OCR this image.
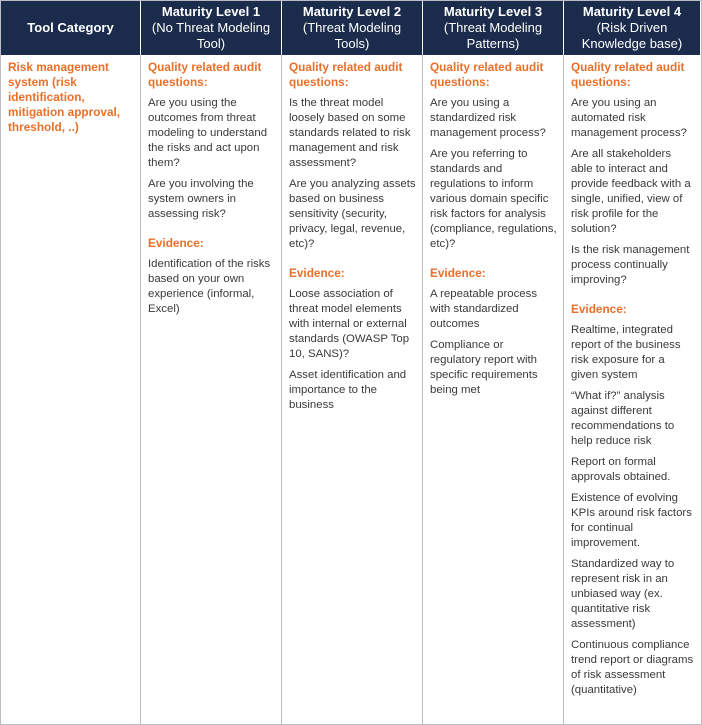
Tool Category
Maturity Level 1
(No Threat Modeling Tool)
Maturity Level 2
(Threat Modeling Tools)
Maturity Level 3
(Threat Modeling Patterns)
Maturity Level 4
(Risk Driven Knowledge base)
Risk management system (risk identification, mitigation approval, threshold, ..)
Quality related audit questions:
Are you using the outcomes from threat modeling to understand the risks and act upon them?
Are you involving the system owners in assessing risk?
Evidence:
Identification of the risks based on your own experience (informal, Excel)
Quality related audit questions:
Is the threat model loosely based on some standards related to risk management and risk assessment?
Are you analyzing assets based on business sensitivity (security, privacy, legal, revenue, etc)?
Evidence:
Loose association of threat model elements with internal or external standards (OWASP Top 10, SANS)?
Asset identification and importance to the business
Quality related audit questions:
Are you using a standardized risk management process?
Are you referring to standards and regulations to inform various domain specific risk factors for analysis (compliance, regulations, etc)?
Evidence:
A repeatable process with standardized outcomes
Compliance or regulatory report with specific requirements being met
Quality related audit questions:
Are you using an automated risk management process?
Are all stakeholders able to interact and provide feedback with a single, unified, view of risk profile for the solution?
Is the risk management process continually improving?
Evidence:
Realtime, integrated report of the business risk exposure for a given system
“What if?” analysis against different recommendations to help reduce risk
Report on formal approvals obtained.
Existence of evolving KPIs around risk factors for continual improvement.
Standardized way to represent risk in an unbiased way (ex. quantitative risk assessment)
Continuous compliance trend report or diagrams of risk assessment (quantitative)
